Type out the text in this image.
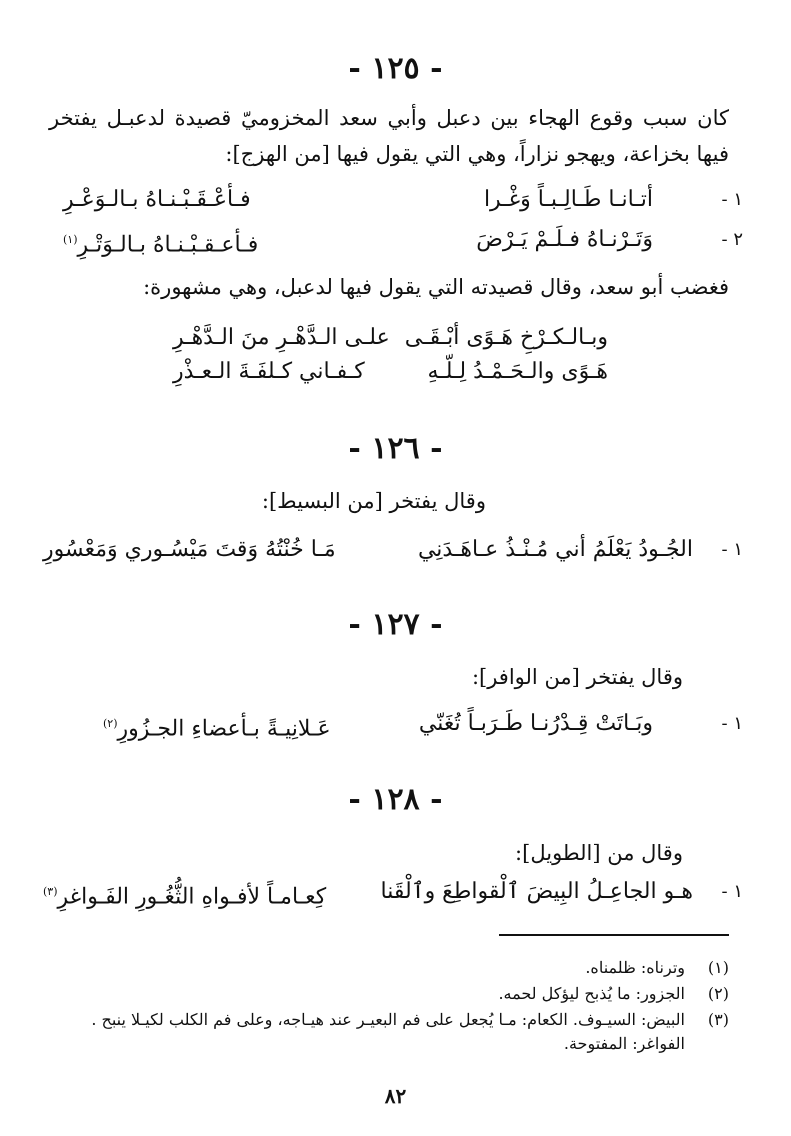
- ١٢٥ -

كان سبب وقوع الهجاء بين دعبل وأبي سعد المخزوميّ قصيدة لدعبـل يفتخر فيها بخزاعة، ويهجو نزاراً، وهي التي يقول فيها [من الهزج]:

١ -
أتـانـا طَـالِـبـاً وَغْـرا
فـأعْـقَـبْـنـاهُ بـالـوَعْـرِ
٢ -
وَتَـرْنـاهُ فـلَـمْ يَـرْضَ
فـأعـقـبْـنـاهُ بـالـوَتْـرِ$^{(١)}$
فغضب أبو سعد، وقال قصيدته التي يقول فيها لدعبل، وهي مشهورة:
وبـالـكـرْخِ هَـوًى أبْـقَـى
علـى الـدَّهْـرِ منَ الـدَّهْـرِ
هَـوًى والـحَـمْـدُ لِـلّـهِ
كـفـاني كـلفَـةَ الـعـذْرِ
- ١٢٦ -
وقال يفتخر [من البسيط]:
١ -
الجُـودُ يَعْلَمُ أني مُـنْـذُ عـاهَـدَنِي
مَـا خُنْتُهُ وَقتَ مَيْسُـوري وَمَعْسُورِ
- ١٢٧ -
وقال يفتخر [من الوافر]:
١ -
وبَـاتَتْ قِـدْرُنـا طَـرَبـاً تُغَنّي
عَـلانِيـةً بـأعضاءِ الجـزُورِ$^{(٢)}$
- ١٢٨ -
وقال من [الطويل]:
١ -
هـو الجاعِـلُ البِيضَ ٱلْقواطِعَ وٱلْقَنا
كِعـامـاً لأفـواهِ الثُّغُـورِ الفَـواغرِ$^{(٣)}$
(١)
وترناه: ظلمناه.
(٢)
الجزور: ما يُذبح ليؤكل لحمه.
(٣)
البيض: السيـوف. الكعام: مـا يُجعل على فم البعيـر عند هيـاجه، وعلى فم الكلب لكيـلا ينبح . الفواغر: المفتوحة.
٨٢
